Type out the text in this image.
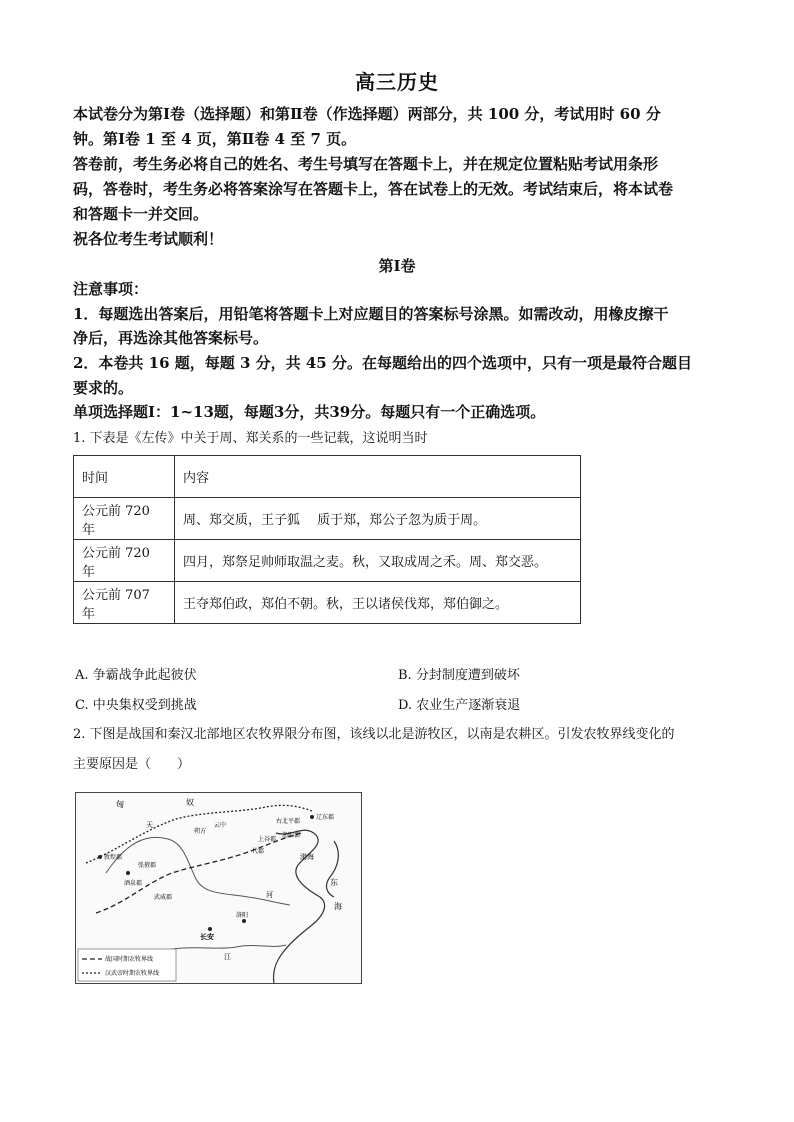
高三历史
本试卷分为第Ⅰ卷（选择题）和第Ⅱ卷（作选择题）两部分，共 100 分，考试用时 60 分
钟。第Ⅰ卷 1 至 4 页，第Ⅱ卷 4 至 7 页。
答卷前，考生务必将自己的姓名、考生号填写在答题卡上，并在规定位置粘贴考试用条形
码，答卷时，考生务必将答案涂写在答题卡上，答在试卷上的无效。考试结束后，将本试卷
和答题卡一并交回。
祝各位考生考试顺利！
第Ⅰ卷
注意事项：
1．每题选出答案后，用铅笔将答题卡上对应题目的答案标号涂黑。如需改动，用橡皮擦干
净后，再选涂其他答案标号。
2．本卷共 16 题，每题 3 分，共 45 分。在每题给出的四个选项中，只有一项是最符合题目
要求的。
单项选择题Ⅰ：1~13题，每题3分，共39分。每题只有一个正确选项。
1. 下表是《左传》中关于周、郑关系的一些记载，这说明当时
时间	内容
公元前 720 年	周、郑交质，王子狐　 质于郑，郑公子忽为质于周。
公元前 720 年	四月，郑祭足帅师取温之麦。秋，又取成周之禾。周、郑交恶。
公元前 707 年	王夺郑伯政，郑伯不朝。秋，王以诸侯伐郑，郑伯御之。
A. 争霸战争此起彼伏	B. 分封制度遭到破坏
C. 中央集权受到挑战	D. 农业生产逐渐衰退
2. 下图是战国和秦汉北部地区农牧界限分布图，该线以北是游牧区，以南是农耕区。引发农牧界线变化的
主要原因是（　　）
匈	奴
天
敦煌郡
酒泉郡
张掖郡
武威郡
朔方
云中
代郡
右北平郡
辽东郡
上谷郡
渔阳郡
渤海
东
海
长安
洛阳
江
河
战国时期农牧界线
汉武帝时期农牧界线
